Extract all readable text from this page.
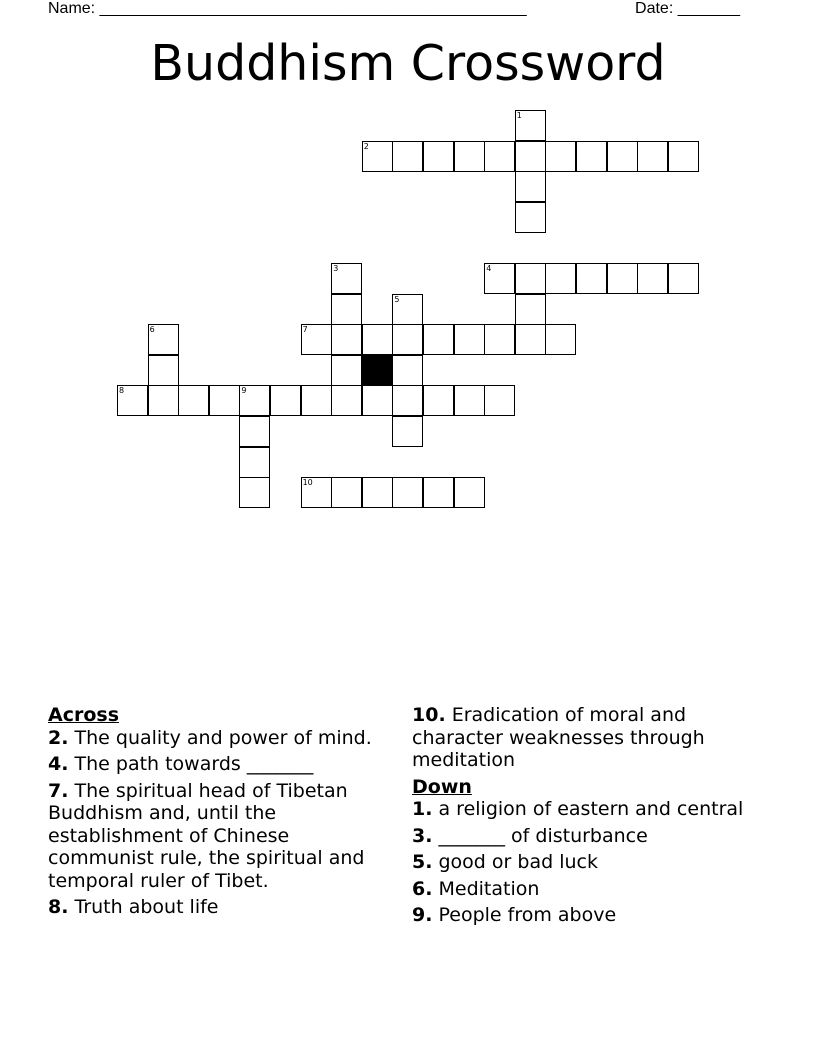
Name: ________________________________________________	Date: _______
Buddhism Crossword
1
2
3	4
5
6	7
8	9
10

Across

2. The quality and power of mind.

4. The path towards _______

7. The spiritual head of Tibetan Buddhism and, until the establishment of Chinese communist rule, the spiritual and temporal ruler of Tibet.

8. Truth about life

10. Eradication of moral and character weaknesses through meditation

Down

1. a religion of eastern and central

3. _______ of disturbance

5. good or bad luck

6. Meditation

9. People from above
